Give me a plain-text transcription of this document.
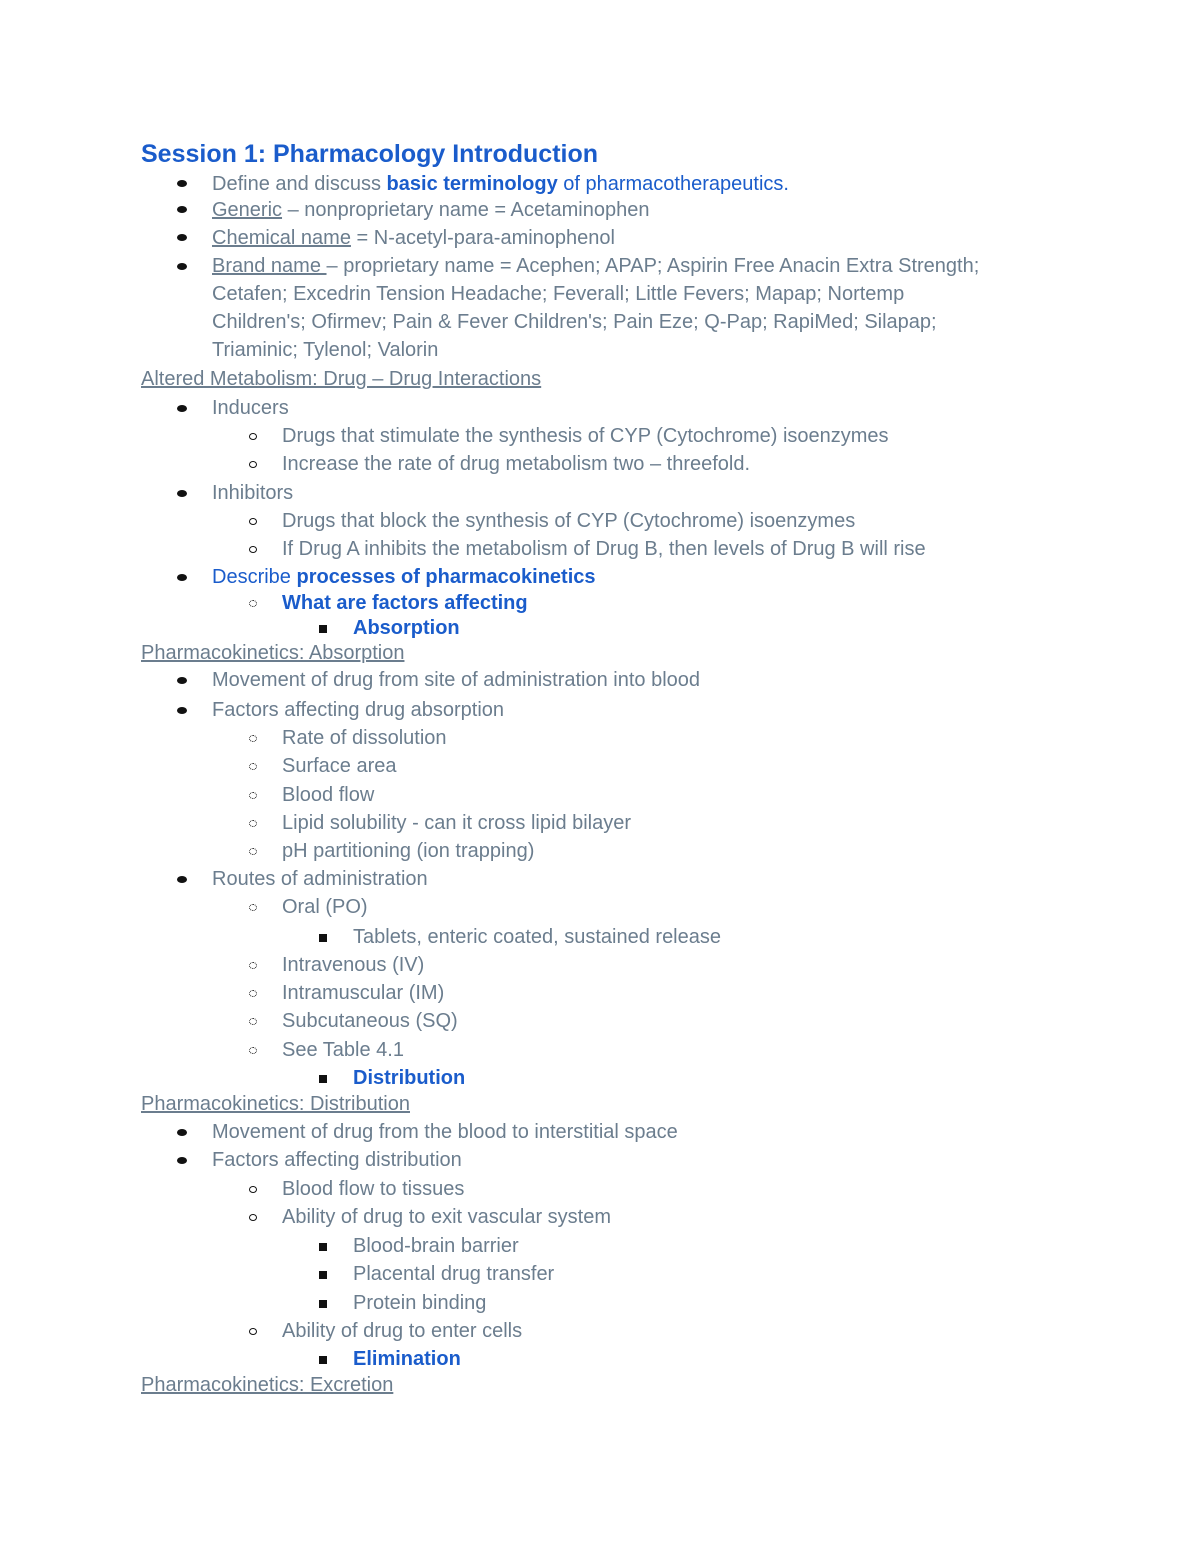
Session 1: Pharmacology Introduction
Define and discuss basic terminology of pharmacotherapeutics.
Generic – nonproprietary name = Acetaminophen
Chemical name = N-acetyl-para-aminophenol
Brand name – proprietary name = Acephen; APAP; Aspirin Free Anacin Extra Strength;
Cetafen; Excedrin Tension Headache; Feverall; Little Fevers; Mapap; Nortemp
Children's; Ofirmev; Pain & Fever Children's; Pain Eze; Q-Pap; RapiMed; Silapap;
Triaminic; Tylenol; Valorin
Altered Metabolism: Drug – Drug Interactions
Inducers
Drugs that stimulate the synthesis of CYP (Cytochrome) isoenzymes
Increase the rate of drug metabolism two – threefold.
Inhibitors
Drugs that block the synthesis of CYP (Cytochrome) isoenzymes
If Drug A inhibits the metabolism of Drug B, then levels of Drug B will rise
Describe processes of pharmacokinetics
What are factors affecting
Absorption
Pharmacokinetics: Absorption
Movement of drug from site of administration into blood
Factors affecting drug absorption
Rate of dissolution
Surface area
Blood flow
Lipid solubility - can it cross lipid bilayer
pH partitioning (ion trapping)
Routes of administration
Oral (PO)
Tablets, enteric coated, sustained release
Intravenous (IV)
Intramuscular (IM)
Subcutaneous (SQ)
See Table 4.1
Distribution
Pharmacokinetics: Distribution
Movement of drug from the blood to interstitial space
Factors affecting distribution
Blood flow to tissues
Ability of drug to exit vascular system
Blood-brain barrier
Placental drug transfer
Protein binding
Ability of drug to enter cells
Elimination
Pharmacokinetics: Excretion
